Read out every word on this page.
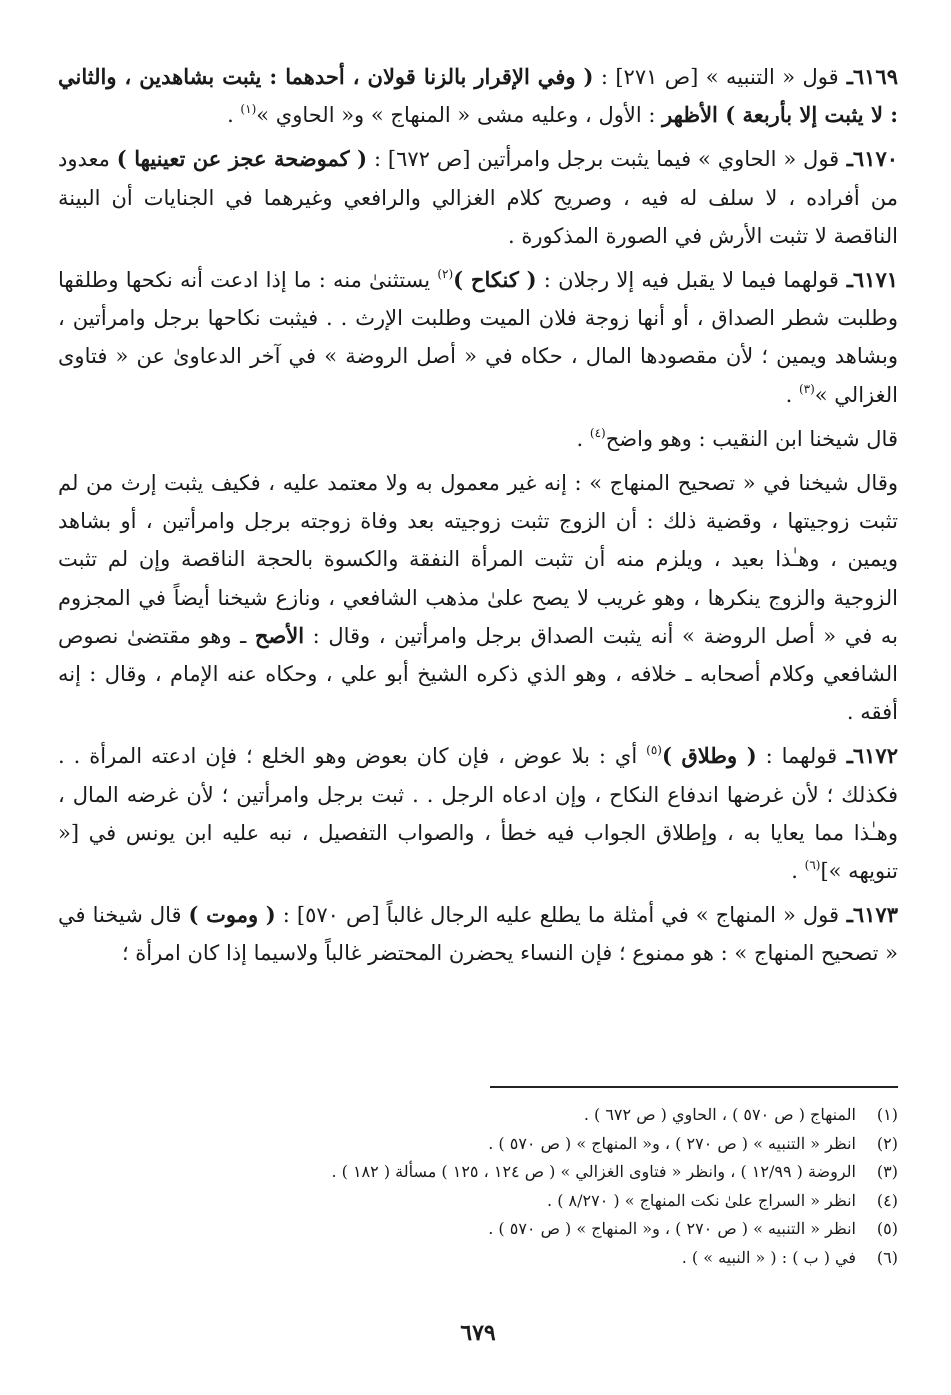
٦١٦٩ـ قول « التنبيه » [ص ٢٧١] : ( وفي الإقرار بالزنا قولان ، أحدهما : يثبت بشاهدين ، والثاني : لا يثبت إلا بأربعة ) الأظهر : الأول ، وعليه مشى « المنهاج » و« الحاوي »$^{(١)}$ .

٦١٧٠ـ قول « الحاوي » فيما يثبت برجل وامرأتين [ص ٦٧٢] : ( كموضحة عجز عن تعينيها ) معدود من أفراده ، لا سلف له فيه ، وصريح كلام الغزالي والرافعي وغيرهما في الجنايات أن البينة الناقصة لا تثبت الأرش في الصورة المذكورة .

٦١٧١ـ قولهما فيما لا يقبل فيه إلا رجلان : ( كنكاح )$^{(٢)}$ يستثنىٰ منه : ما إذا ادعت أنه نكحها وطلقها وطلبت شطر الصداق ، أو أنها زوجة فلان الميت وطلبت الإرث . . فيثبت نكاحها برجل وامرأتين ، وبشاهد ويمين ؛ لأن مقصودها المال ، حكاه في « أصل الروضة » في آخر الدعاوىٰ عن « فتاوى الغزالي »$^{(٣)}$ .

قال شيخنا ابن النقيب : وهو واضح$^{(٤)}$ .

وقال شيخنا في « تصحيح المنهاج » : إنه غير معمول به ولا معتمد عليه ، فكيف يثبت إرث من لم تثبت زوجيتها ، وقضية ذلك : أن الزوج تثبت زوجيته بعد وفاة زوجته برجل وامرأتين ، أو بشاهد ويمين ، وهـٰذا بعيد ، ويلزم منه أن تثبت المرأة النفقة والكسوة بالحجة الناقصة وإن لم تثبت الزوجية والزوج ينكرها ، وهو غريب لا يصح علىٰ مذهب الشافعي ، ونازع شيخنا أيضاً في المجزوم به في « أصل الروضة » أنه يثبت الصداق برجل وامرأتين ، وقال : الأصح ـ وهو مقتضىٰ نصوص الشافعي وكلام أصحابه ـ خلافه ، وهو الذي ذكره الشيخ أبو علي ، وحكاه عنه الإمام ، وقال : إنه أفقه .

٦١٧٢ـ قولهما : ( وطلاق )$^{(٥)}$ أي : بلا عوض ، فإن كان بعوض وهو الخلع ؛ فإن ادعته المرأة . . فكذلك ؛ لأن غرضها اندفاع النكاح ، وإن ادعاه الرجل . . ثبت برجل وامرأتين ؛ لأن غرضه المال ، وهـٰذا مما يعايا به ، وإطلاق الجواب فيه خطأ ، والصواب التفصيل ، نبه عليه ابن يونس في [« تنويهه »]$^{(٦)}$ .

٦١٧٣ـ قول « المنهاج » في أمثلة ما يطلع عليه الرجال غالباً [ص ٥٧٠] : ( وموت ) قال شيخنا في « تصحيح المنهاج » : هو ممنوع ؛ فإن النساء يحضرن المحتضر غالباً ولاسيما إذا كان امرأة ؛

(١)
المنهاج ( ص ٥٧٠ ) ، الحاوي ( ص ٦٧٢ ) .
(٢)
انظر « التنبيه » ( ص ٢٧٠ ) ، و« المنهاج » ( ص ٥٧٠ ) .
(٣)
الروضة ( ١٢/٩٩ ) ، وانظر « فتاوى الغزالي » ( ص ١٢٤ ، ١٢٥ ) مسألة ( ١٨٢ ) .
(٤)
انظر « السراج علىٰ نكت المنهاج » ( ٨/٢٧٠ ) .
(٥)
انظر « التنبيه » ( ص ٢٧٠ ) ، و« المنهاج » ( ص ٥٧٠ ) .
(٦)
في ( ب ) : ( « النبيه » ) .
٦٧٩
